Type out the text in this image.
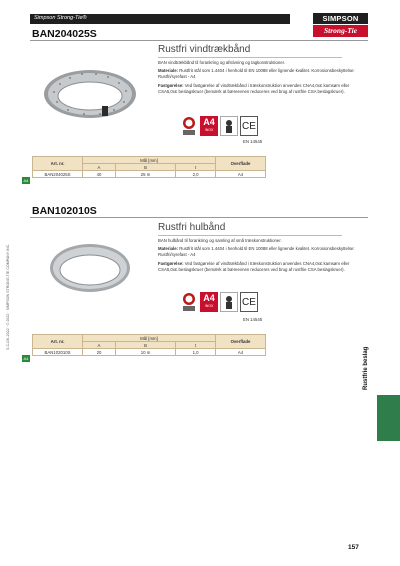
Simpson Strong-Tie®	SIMPSON
Strong-Tie
BAN204025S
Rustfri vindtrækbånd
BAN vindtrækbånd til forankring og afstivning og tagkonstruktioner.
Materiale: Rustfrit stål som 1.4404 i henhold til EN 10088 eller lignende kvalitet. Korrosionsbeskyttelse: Rustfri/syrefast - A4
Fastgørelse: Ved fastgørelse af vindtrækbånd i træskonstruktion anvendes CNA4,0x£ kamsøm eller CSA5,0x£ beslagskruer (bemærk at bæreevnen reduceres ved brug af rustfrie CSA beslagskruer).
A4
INOX	CE
EN 14545
Art. nr.	Mål [mm]			Overflade
	A	B	t	
BAN204025S	40	25 m	2,0	A4
A4
BAN102010S
Rustfri hulbånd
BAN hulbånd til forankring og samling af små træskonstruktioner.
Materiale: Rustfrit stål som 1.4404 i henhold til EN 10088 eller lignende kvalitet. Korrosionsbeskyttelse: Rustfri/syrefast - A4
Fastgørelse: Ved fastgørelse af vindtrækbånd i træskonstruktion anvendes CNA4,0x£ kamsøm eller CSA5,0x£ beslagskruer (bemærk at bæreevnen reduceres ved brug af rustfrie CSA beslagskruer).
A4
INOX	CE
EN 14545
Art. nr.	Mål [mm]			Overflade
	A	B	t	
BAN102010S	20	10 m	1,0	A4
A4
S-C-DK-2022 · © 2022 · SIMPSON STRONG-TIE COMPANY INC.
Rustfrie beslag
157
